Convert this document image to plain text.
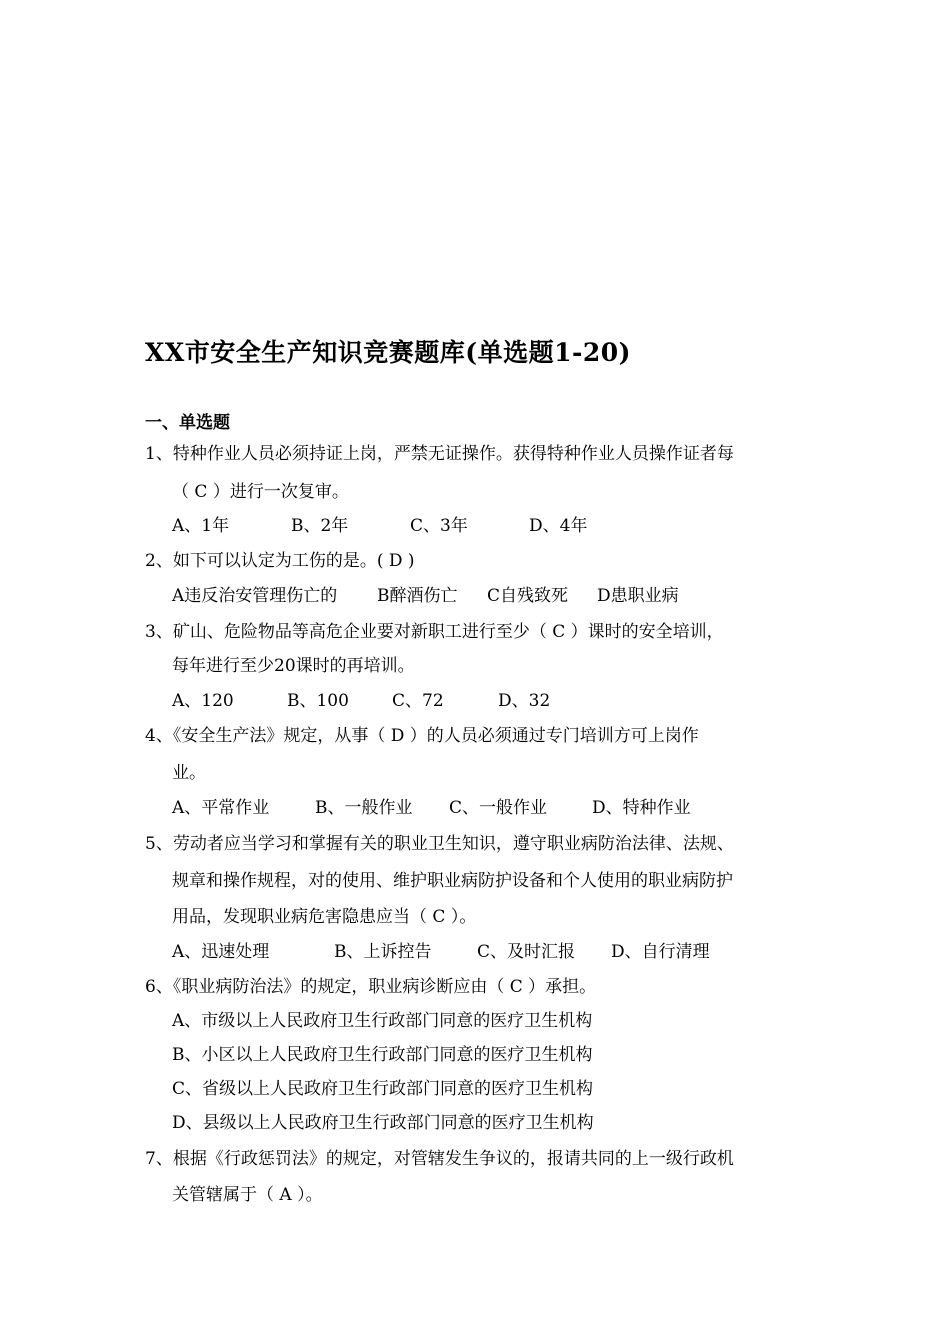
XX市安全生产知识竞赛题库(单选题1-20)
一、单选题
1、特种作业人员必须持证上岗，严禁无证操作。获得特种作业人员操作证者每
（ C ）进行一次复审。
A、1年	B、2年	C、3年	D、4年
2、如下可以认定为工伤的是。( D )
A违反治安管理伤亡的 B醉酒伤亡 C自残致死 D患职业病
3、矿山、危险物品等高危企业要对新职工进行至少（ C ）课时的安全培训，
每年进行至少20课时的再培训。
A、120	B、100	C、72	D、32
4、《安全生产法》规定，从事（ D ）的人员必须通过专门培训方可上岗作
业。
A、平常作业	B、一般作业 C、一般作业	D、特种作业
5、劳动者应当学习和掌握有关的职业卫生知识，遵守职业病防治法律、法规、
规章和操作规程，对的使用、维护职业病防护设备和个人使用的职业病防护
用品，发现职业病危害隐患应当（ C ）。
A、迅速处理	B、上诉控告	C、及时汇报 D、自行清理
6、《职业病防治法》的规定，职业病诊断应由（ C ）承担。
A、市级以上人民政府卫生行政部门同意的医疗卫生机构
B、小区以上人民政府卫生行政部门同意的医疗卫生机构
C、省级以上人民政府卫生行政部门同意的医疗卫生机构
D、县级以上人民政府卫生行政部门同意的医疗卫生机构
7、根据《行政惩罚法》的规定，对管辖发生争议的，报请共同的上一级行政机
关管辖属于（ A ）。
